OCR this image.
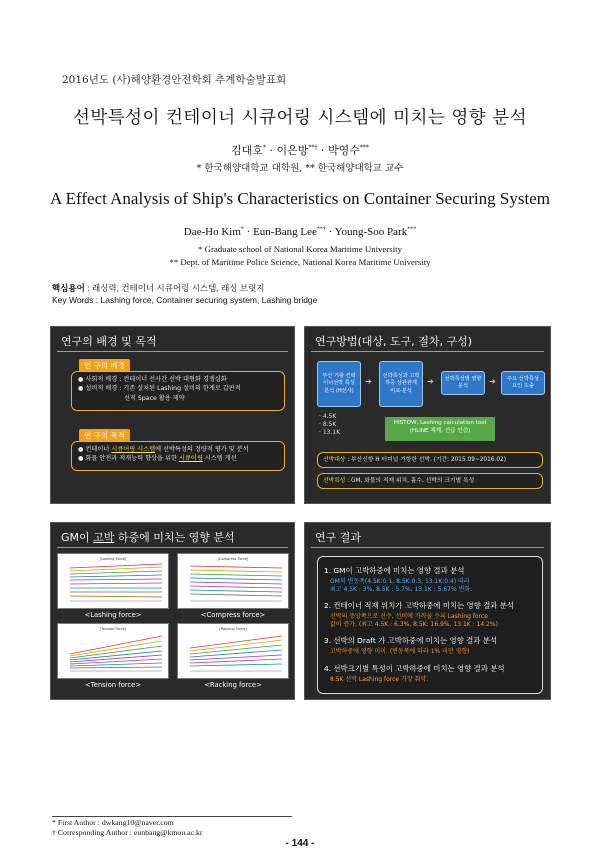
2016년도 (사)해양환경안전학회 추계학술발표회
선박특성이 컨테이너 시큐어링 시스템에 미치는 영향 분석
김대호* · 이은방**† · 박영수***
* 한국해양대학교 대학원, ** 한국해양대학교 교수
A Effect Analysis of Ship's Characteristics on Container Securing System
Dae-Ho Kim* · Eun-Bang Lee**† · Young-Soo Park***
* Graduate school of National Korea Maritime University
** Dept. of Maritime Police Science, National Korea Maritime University
핵심용어 : 래싱력, 컨테이너 시큐어링 시스템, 래싱 브릿지
Key Words : Lashing force, Container securing system, Lashing bridge
연구의 배경 및 목적
연 구의 배경
● 사회적 배경 : 컨테이너 선사간 선박 대형화 경쟁심화
● 설비적 배경 : 기존 설치된 Lashing 설비의 한계로 갑판적
선적 Space 활용 제약
연 구의 목적
● 컨테이너 시큐어링 시스템에 선박특성의 정량적 평가 및 분석
● 화물 안전과 적재능력 향상을 위한 시큐어링 시스템 개선
연구방법(대상, 도구, 절차, 구성)
부산 기항 컨테이너선박 특성 분석 (H선사)
➔
선박특성과 고박하중 상관관계 비교·분석
➔	선박특성별 영향 분석	➔	주요 선박특성 요인 도출
· 4.5K
· 8.5K
· 13.1K
HISTOW, Lashing calculation tool (HLINE 체계, 선급 인증)
선박대상 : 부산신항 H 터미널 기항한 선박. (기간: 2015.09~2016.02)
선박특성 : GM, 화물의 적재 위치, 흘수, 선박의 크기별 특성
GM이 고박 하중에 미치는 영향 분석
[Lashing Force]
<Lashing force>
[Compress Force]
<Compress force>
[Tension Force]
<Tension force>
[Racking Force]
<Racking force>
연구 결과
1. GM이 고박하중에 미치는 영향 결과 분석
GM의 변동폭(4.5K:0.1, 8.5K:0.3, 13.1K:0.4) 따라
최고 4.5K : 3%, 8.5K : 5.7%, 13.1K : 5.67% 변화.
2. 컨테이너 적재 위치가 고박하중에 미치는 영향 결과 분석
선박의 중앙쪽으로 선수, 선미에 가까울 수록 Lashing force
값이 증가. (최고 4.5K : 6.3%, 8.5K: 16.9%, 13.1K : 14.2%)
3. 선박의 Draft 가 고박하중에 미치는 영향 결과 분석
고박하중에 영향 미미. (변동폭에 따라 1% 미만 영향)
4. 선박크기별 특성이 고박하중에 미치는 영향 결과 분석
8.5K 선박 Lashing force 가장 취약.
* First Author : dwkang10@naver.com
† Corresponding Author : eunbang@kmou.ac.kr
- 144 -
